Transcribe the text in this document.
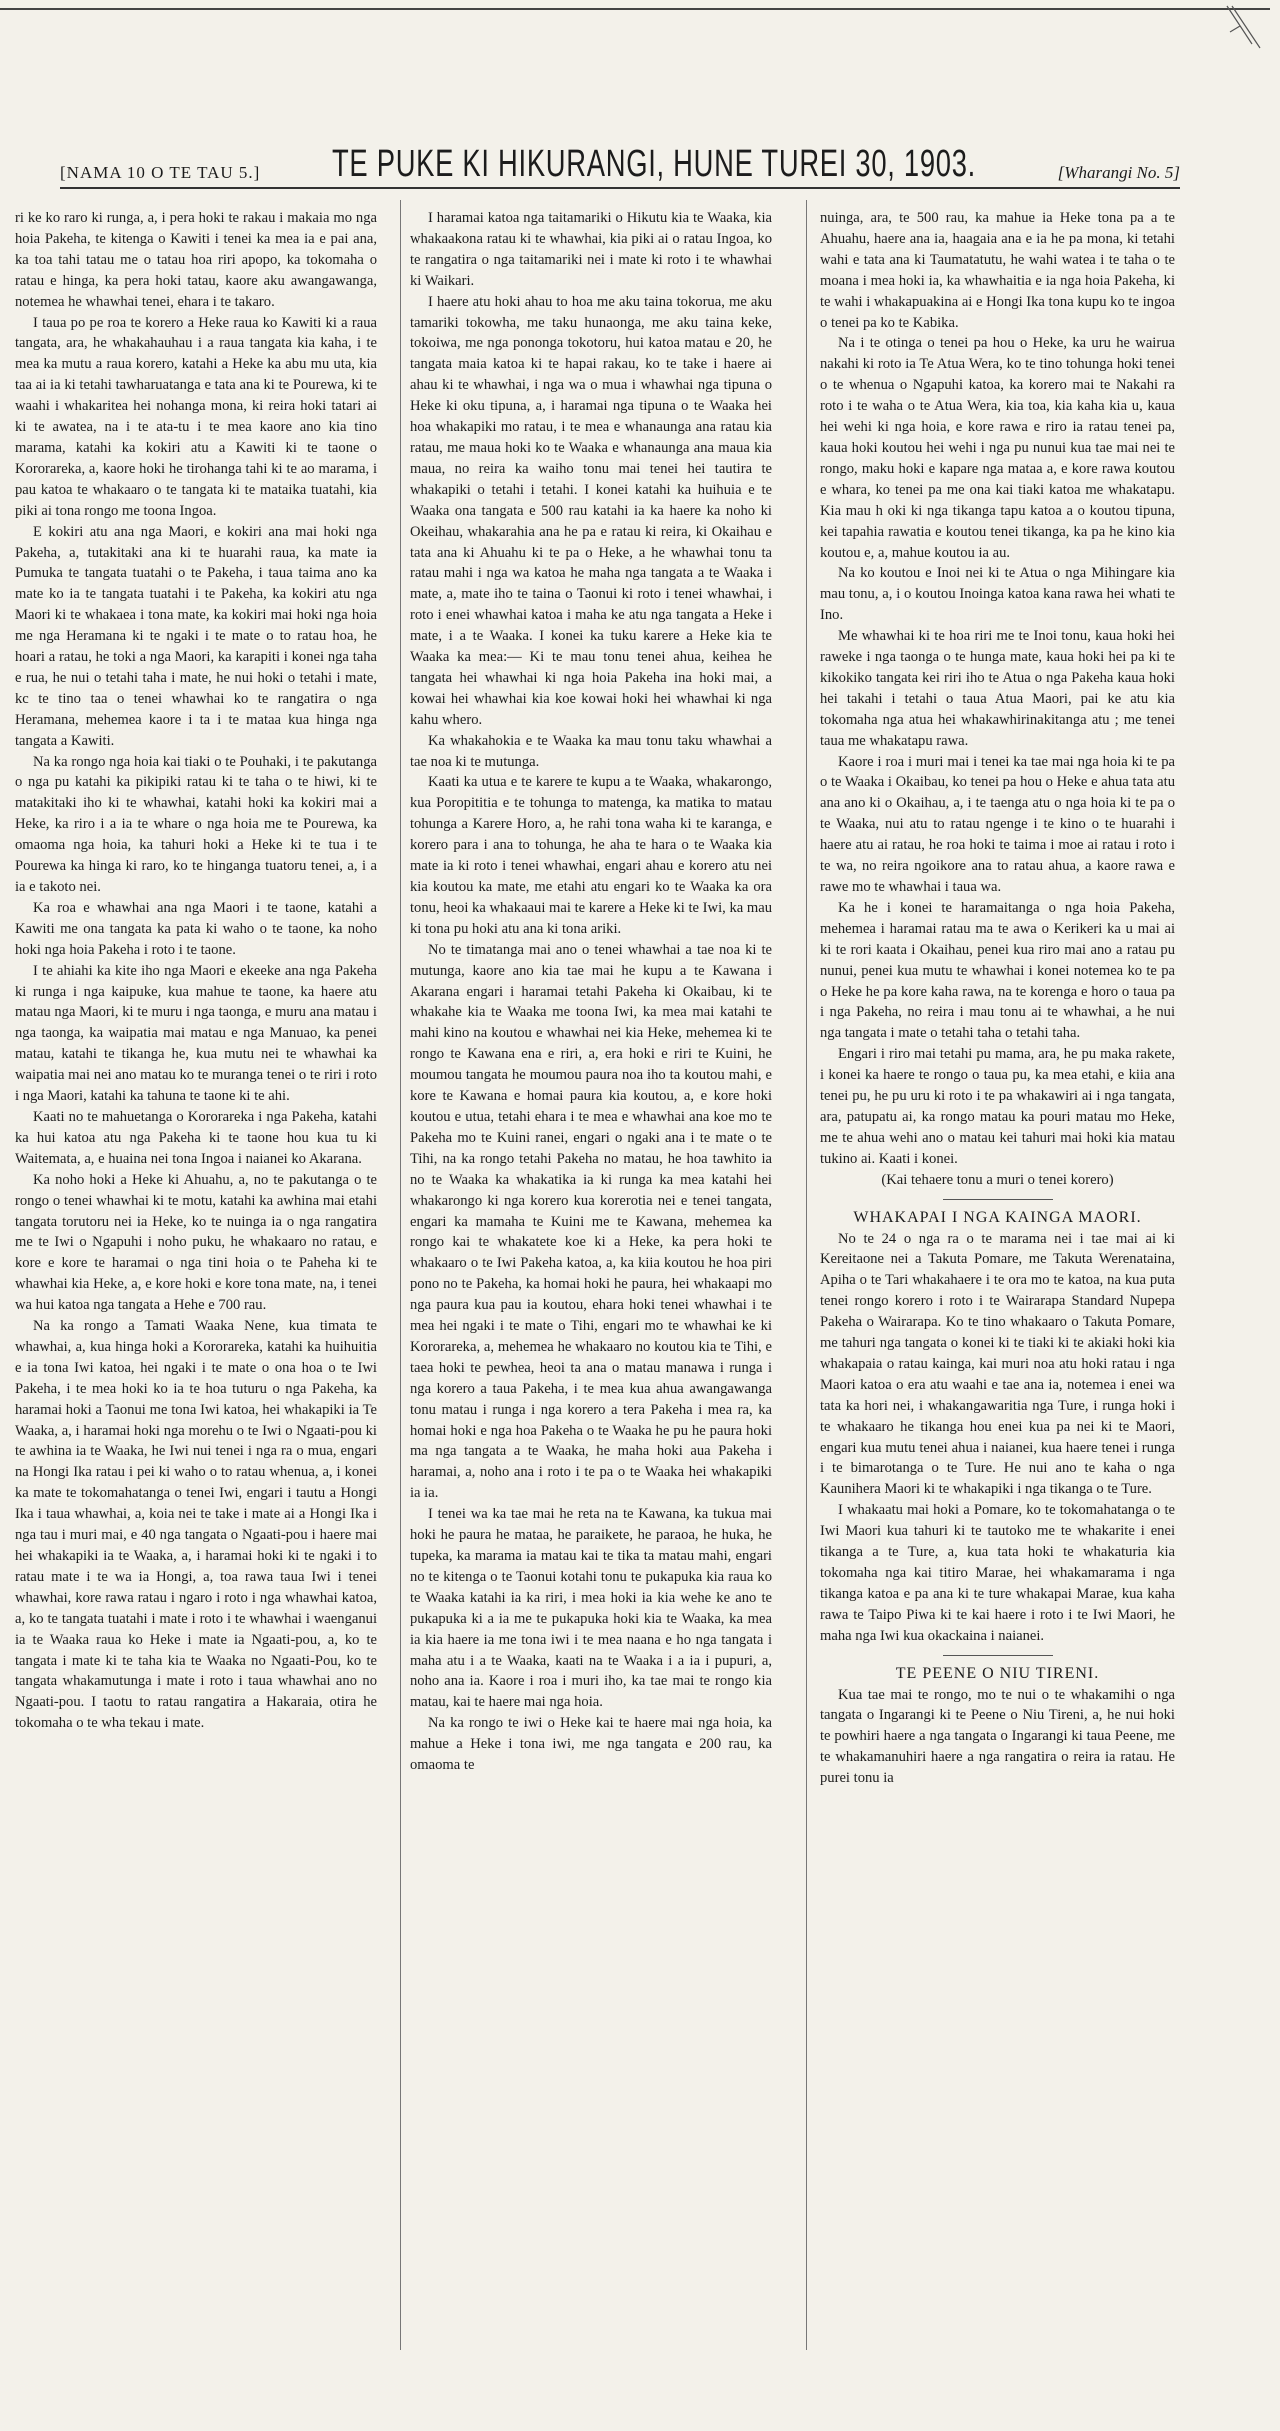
[NAMA 10 O TE TAU 5.] TE PUKE KI HIKURANGI, HUNE TUREI 30, 1903.	[Wharangi No. 5]

ri ke ko raro ki runga, a, i pera hoki te rakau i makaia mo nga hoia Pakeha, te kitenga o Kawiti i tenei ka mea ia e pai ana, ka toa tahi tatau me o tatau hoa riri apopo, ka tokomaha o ratau e hinga, ka pera hoki tatau, kaore aku awangawanga, notemea he whawhai tenei, ehara i te takaro.

I taua po pe roa te korero a Heke raua ko Kawiti ki a raua tangata, ara, he whakahauhau i a raua tangata kia kaha, i te mea ka mutu a raua korero, katahi a Heke ka abu mu uta, kia taa ai ia ki tetahi tawharuatanga e tata ana ki te Pourewa, ki te waahi i whakaritea hei nohanga mona, ki reira hoki tatari ai ki te awatea, na i te ata-tu i te mea kaore ano kia tino marama, katahi ka kokiri atu a Kawiti ki te taone o Kororareka, a, kaore hoki he tirohanga tahi ki te ao marama, i pau katoa te whakaaro o te tangata ki te mataika tuatahi, kia piki ai tona rongo me toona Ingoa.

E kokiri atu ana nga Maori, e kokiri ana mai hoki nga Pakeha, a, tutakitaki ana ki te huarahi raua, ka mate ia Pumuka te tangata tuatahi o te Pakeha, i taua taima ano ka mate ko ia te tangata tuatahi i te Pakeha, ka kokiri atu nga Maori ki te whakaea i tona mate, ka kokiri mai hoki nga hoia me nga Heramana ki te ngaki i te mate o to ratau hoa, he hoari a ratau, he toki a nga Maori, ka karapiti i konei nga taha e rua, he nui o tetahi taha i mate, he nui hoki o tetahi i mate, kc te tino taa o tenei whawhai ko te rangatira o nga Heramana, mehemea kaore i ta i te mataa kua hinga nga tangata a Kawiti.

Na ka rongo nga hoia kai tiaki o te Pouhaki, i te pakutanga o nga pu katahi ka pikipiki ratau ki te taha o te hiwi, ki te matakitaki iho ki te whawhai, katahi hoki ka kokiri mai a Heke, ka riro i a ia te whare o nga hoia me te Pourewa, ka omaoma nga hoia, ka tahuri hoki a Heke ki te tua i te Pourewa ka hinga ki raro, ko te hinganga tuatoru tenei, a, i a ia e takoto nei.

Ka roa e whawhai ana nga Maori i te taone, katahi a Kawiti me ona tangata ka pata ki waho o te taone, ka noho hoki nga hoia Pakeha i roto i te taone.

I te ahiahi ka kite iho nga Maori e ekeeke ana nga Pakeha ki runga i nga kaipuke, kua mahue te taone, ka haere atu matau nga Maori, ki te muru i nga taonga, e muru ana matau i nga taonga, ka waipatia mai matau e nga Manuao, ka penei matau, katahi te tikanga he, kua mutu nei te whawhai ka waipatia mai nei ano matau ko te muranga tenei o te riri i roto i nga Maori, katahi ka tahuna te taone ki te ahi.

Kaati no te mahuetanga o Kororareka i nga Pakeha, katahi ka hui katoa atu nga Pakeha ki te taone hou kua tu ki Waitemata, a, e huaina nei tona Ingoa i naianei ko Akarana.

Ka noho hoki a Heke ki Ahuahu, a, no te pakutanga o te rongo o tenei whawhai ki te motu, katahi ka awhina mai etahi tangata torutoru nei ia Heke, ko te nuinga ia o nga rangatira me te Iwi o Ngapuhi i noho puku, he whakaaro no ratau, e kore e kore te haramai o nga tini hoia o te Paheha ki te whawhai kia Heke, a, e kore hoki e kore tona mate, na, i tenei wa hui katoa nga tangata a Hehe e 700 rau.

Na ka rongo a Tamati Waaka Nene, kua timata te whawhai, a, kua hinga hoki a Kororareka, katahi ka huihuitia e ia tona Iwi katoa, hei ngaki i te mate o ona hoa o te Iwi Pakeha, i te mea hoki ko ia te hoa tuturu o nga Pakeha, ka haramai hoki a Taonui me tona Iwi katoa, hei whakapiki ia Te Waaka, a, i haramai hoki nga morehu o te Iwi o Ngaati-pou ki te awhina ia te Waaka, he Iwi nui tenei i nga ra o mua, engari na Hongi Ika ratau i pei ki waho o to ratau whenua, a, i konei ka mate te tokomahatanga o tenei Iwi, engari i tautu a Hongi Ika i taua whawhai, a, koia nei te take i mate ai a Hongi Ika i nga tau i muri mai, e 40 nga tangata o Ngaati-pou i haere mai hei whakapiki ia te Waaka, a, i haramai hoki ki te ngaki i to ratau mate i te wa ia Hongi, a, toa rawa taua Iwi i tenei whawhai, kore rawa ratau i ngaro i roto i nga whawhai katoa, a, ko te tangata tuatahi i mate i roto i te whawhai i waenganui ia te Waaka raua ko Heke i mate ia Ngaati-pou, a, ko te tangata i mate ki te taha kia te Waaka no Ngaati-Pou, ko te tangata whakamutunga i mate i roto i taua whawhai ano no Ngaati-pou. I taotu to ratau rangatira a Hakaraia, otira he tokomaha o te wha tekau i mate.

I haramai katoa nga taitamariki o Hikutu kia te Waaka, kia whakaakona ratau ki te whawhai, kia piki ai o ratau Ingoa, ko te rangatira o nga taitamariki nei i mate ki roto i te whawhai ki Waikari.

I haere atu hoki ahau to hoa me aku taina tokorua, me aku tamariki tokowha, me taku hunaonga, me aku taina keke, tokoiwa, me nga pononga tokotoru, hui katoa matau e 20, he tangata maia katoa ki te hapai rakau, ko te take i haere ai ahau ki te whawhai, i nga wa o mua i whawhai nga tipuna o Heke ki oku tipuna, a, i haramai nga tipuna o te Waaka hei hoa whakapiki mo ratau, i te mea e whanaunga ana ratau kia ratau, me maua hoki ko te Waaka e whanaunga ana maua kia maua, no reira ka waiho tonu mai tenei hei tautira te whakapiki o tetahi i tetahi. I konei katahi ka huihuia e te Waaka ona tangata e 500 rau katahi ia ka haere ka noho ki Okeihau, whakarahia ana he pa e ratau ki reira, ki Okaihau e tata ana ki Ahuahu ki te pa o Heke, a he whawhai tonu ta ratau mahi i nga wa katoa he maha nga tangata a te Waaka i mate, a, mate iho te taina o Taonui ki roto i tenei whawhai, i roto i enei whawhai katoa i maha ke atu nga tangata a Heke i mate, i a te Waaka. I konei ka tuku karere a Heke kia te Waaka ka mea:— Ki te mau tonu tenei ahua, keihea he tangata hei whawhai ki nga hoia Pakeha ina hoki mai, a kowai hei whawhai kia koe kowai hoki hei whawhai ki nga kahu whero.

Ka whakahokia e te Waaka ka mau tonu taku whawhai a tae noa ki te mutunga.

Kaati ka utua e te karere te kupu a te Waaka, whakarongo, kua Poropititia e te tohunga to matenga, ka matika to matau tohunga a Karere Horo, a, he rahi tona waha ki te karanga, e korero para i ana to tohunga, he aha te hara o te Waaka kia mate ia ki roto i tenei whawhai, engari ahau e korero atu nei kia koutou ka mate, me etahi atu engari ko te Waaka ka ora tonu, heoi ka whakaaui mai te karere a Heke ki te Iwi, ka mau ki tona pu hoki atu ana ki tona ariki.

No te timatanga mai ano o tenei whawhai a tae noa ki te mutunga, kaore ano kia tae mai he kupu a te Kawana i Akarana engari i haramai tetahi Pakeha ki Okaibau, ki te whakahe kia te Waaka me toona Iwi, ka mea mai katahi te mahi kino na koutou e whawhai nei kia Heke, mehemea ki te rongo te Kawana ena e riri, a, era hoki e riri te Kuini, he moumou tangata he moumou paura noa iho ta koutou mahi, e kore te Kawana e homai paura kia koutou, a, e kore hoki koutou e utua, tetahi ehara i te mea e whawhai ana koe mo te Pakeha mo te Kuini ranei, engari o ngaki ana i te mate o te Tihi, na ka rongo tetahi Pakeha no matau, he hoa tawhito ia no te Waaka ka whakatika ia ki runga ka mea katahi hei whakarongo ki nga korero kua korerotia nei e tenei tangata, engari ka mamaha te Kuini me te Kawana, mehemea ka rongo kai te whakatete koe ki a Heke, ka pera hoki te whakaaro o te Iwi Pakeha katoa, a, ka kiia koutou he hoa piri pono no te Pakeha, ka homai hoki he paura, hei whakaapi mo nga paura kua pau ia koutou, eharа hoki tenei whawhai i te mea hei ngaki i te mate o Tihi, engari mo te whawhai ke ki Kororareka, a, mehemea he whakaaro no koutou kia te Tihi, e taea hoki te pewhea, heoi ta ana o matau manawa i runga i nga korero a taua Pakeha, i te mea kua ahua awangawanga tonu matau i runga i nga korero a tera Pakeha i mea ra, ka homai hoki e nga hoa Pakeha o te Waaka he pu he paura hoki ma nga tangata a te Waaka, he maha hoki aua Pakeha i haramai, a, noho ana i roto i te pa o te Waaka hei whakapiki ia ia.

I tenei wa ka tae mai he reta na te Kawana, ka tukua mai hoki he paura he mataa, he paraikete, he paraoa, he huka, he tupeka, ka marama ia matau kai te tika ta matau mahi, engari no te kitenga o te Taonui kotahi tonu te pukapuka kia raua ko te Waaka katahi ia ka riri, i mea hoki ia kia wehe ke ano te pukapuka ki a ia me te pukapuka hoki kia te Waaka, ka mea ia kia haere ia me tona iwi i te mea naana e ho nga tangata i maha atu i a te Waaka, kaati na te Waaka i a ia i pupuri, a, noho ana ia. Kaore i roa i muri iho, ka tae mai te rongo kia matau, kai te haere mai nga hoia.

Na ka rongo te iwi o Heke kai te haere mai nga hoia, ka mahue a Heke i tona iwi, me nga tangata e 200 rau, ka omaoma te

nuinga, ara, te 500 rau, ka mahue ia Heke tona pa a te Ahuahu, haere ana ia, haagaia ana e ia he pa mona, ki tetahi wahi e tata ana ki Taumatatutu, he wahi watea i te taha o te moana i mea hoki ia, ka whawhaitia e ia nga hoia Pakeha, ki te wahi i whakapuakina ai e Hongi Ika tona kupu ko te ingoa o tenei pa ko te Kabika.

Na i te otinga o tenei pa hou o Heke, ka uru he wairua nakahi ki roto ia Te Atua Wera, ko te tino tohunga hoki tenei o te whenua o Ngapuhi katoa, ka korero mai te Nakahi ra roto i te waha o te Atua Wera, kia toa, kia kaha kia u, kaua hei wehi ki nga hoia, e kore rawa e riro ia ratau tenei pa, kaua hoki koutou hei wehi i nga pu nunui kua tae mai nei te rongo, maku hoki e kapare nga mataa a, e kore rawa koutou e whara, ko tenei pa me ona kai tiaki katoa me whakatapu. Kia mau h oki ki nga tikanga tapu katoa a o koutou tipuna, kei tapahia rawatia e koutou tenei tikanga, ka pa he kino kia koutou e, a, mahue koutou ia au.

Na ko koutou e Inoi nei ki te Atua o nga Mihingare kia mau tonu, a, i o koutou Inoinga katoa kana rawa hei whati te Ino.

Me whawhai ki te hoa riri me te Inoi tonu, kaua hoki hei raweke i nga taonga o te hunga mate, kaua hoki hei pa ki te kikokiko tangata kei riri iho te Atua o nga Pakeha kaua hoki hei takahi i tetahi o taua Atua Maori, pai ke atu kia tokomaha nga atua hei whakawhirinakitanga atu ; me tenei taua me whakatapu rawa.

Kaore i roa i muri mai i tenei ka tae mai nga hoia ki te pa o te Waaka i Okaibau, ko tenei pa hou o Heke e ahua tata atu ana ano ki o Okaihau, a, i te taenga atu o nga hoia ki te pa o te Waaka, nui atu to ratau ngenge i te kino o te huarahi i haere atu ai ratau, he roa hoki te taima i moe ai ratau i roto i te wa, no reira ngoikore ana to ratau ahua, a kaore rawa e rawe mo te whawhai i taua wa.

Ka he i konei te haramaitanga o nga hoia Pakeha, mehemea i haramai ratau ma te awa o Kerikeri ka u mai ai ki te rori kaata i Okaihau, penei kua riro mai ano a ratau pu nunui, penei kua mutu te whawhai i konei notemea ko te pa o Heke he pa kore kaha rawa, na te korenga e horo o taua pa i nga Pakeha, no reira i mau tonu ai te whawhai, a he nui nga tangata i mate o tetahi taha o tetahi taha.

Engari i riro mai tetahi pu mama, ara, he pu maka rakete, i konei ka haere te rongo o taua pu, ka mea etahi, e kiia ana tenei pu, he pu uru ki roto i te pa whakawiri ai i nga tangata, ara, patupatu ai, ka rongo matau ka pouri matau mo Heke, me te ahua wehi ano o matau kei tahuri mai hoki kia matau tukino ai. Kaati i konei.

(Kai tehaere tonu a muri o tenei korero)

WHAKAPAI I NGA KAINGA MAORI.

No te 24 o nga ra o te marama nei i tae mai ai ki Kereitaone nei a Takuta Pomare, me Takuta Werenataina, Apiha o te Tari whakahaere i te ora mo te katoa, na kua puta tenei rongo korero i roto i te Wairarapa Standard Nupepa Pakeha o Wairarapa. Ko te tino whakaaro o Takuta Pomare, me tahuri nga tangata o konei ki te tiaki ki te akiaki hoki kia whakapaia o ratau kainga, kai muri noa atu hoki ratau i nga Maori katoa o era atu waahi e tae ana ia, notemea i enei wa tata ka hori nei, i whakangawaritia nga Ture, i runga hoki i te whakaaro he tikanga hou enei kua pa nei ki te Maori, engari kua mutu tenei ahua i naianei, kua haere tenei i runga i te bimarotanga o te Ture. He nui ano te kaha o nga Kaunihera Maori ki te whakapiki i nga tikanga o te Ture.

I whakaatu mai hoki a Pomare, ko te tokomahatanga o te Iwi Maori kua tahuri ki te tautoko me te whakarite i enei tikanga a te Ture, a, kua tata hoki te whakaturia kia tokomaha nga kai titiro Marae, hei whakamarama i nga tikanga katoa e pa ana ki te ture whakapai Marae, kua kaha rawa te Taipo Piwa ki te kai haere i roto i te Iwi Maori, he maha nga Iwi kua okackaina i naianei.

TE PEENE O NIU TIRENI.

Kua tae mai te rongo, mo te nui o te whakamihi o nga tangata o Ingarangi ki te Peene o Niu Tireni, a, he nui hoki te powhiri haere a nga tangata o Ingarangi ki taua Peene, me te whakamanuhiri haere a nga rangatira o reira ia ratau. He purei tonu ia
